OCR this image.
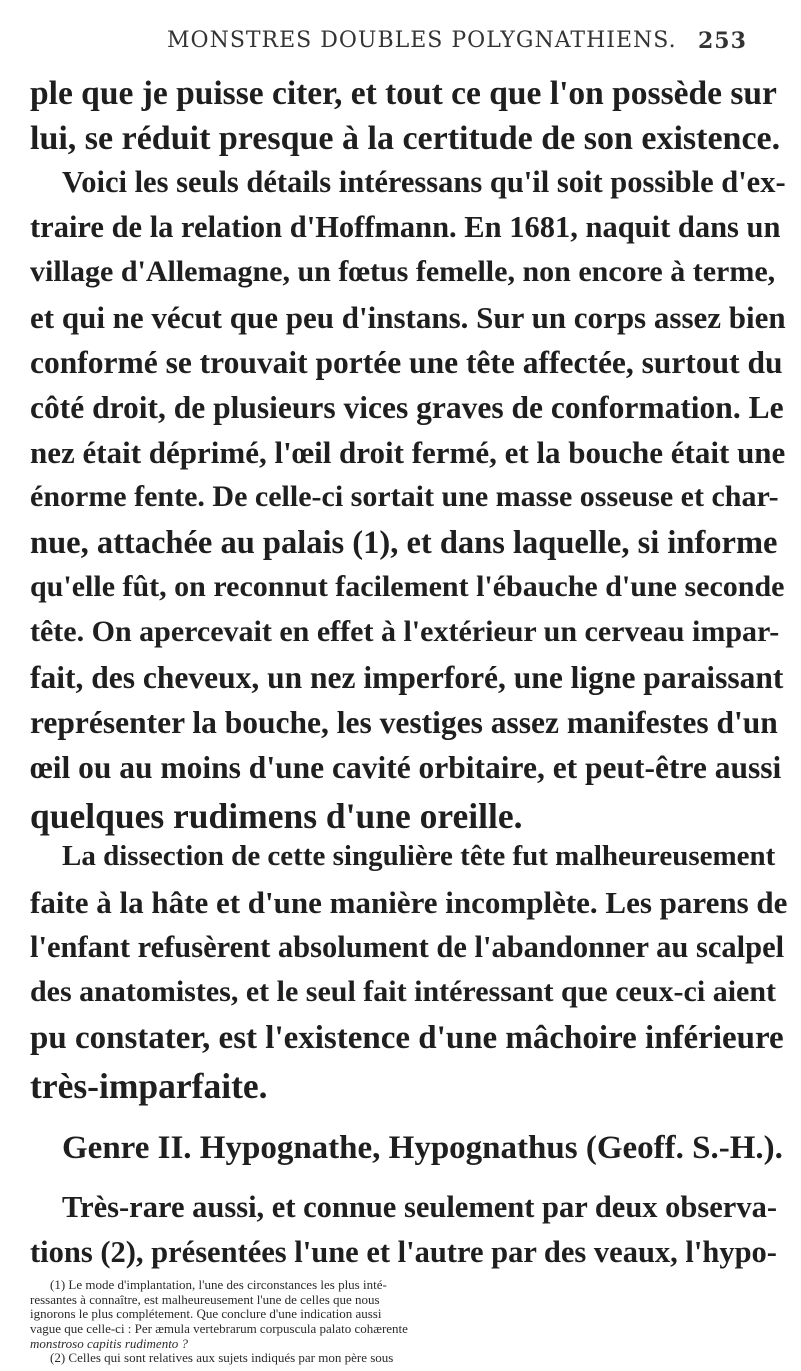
MONSTRES DOUBLES POLYGNATHIENS. 253
ple que je puisse citer, et tout ce que l'on possède sur
lui, se réduit presque à la certitude de son existence.
Voici les seuls détails intéressans qu'il soit possible d'ex-
traire de la relation d'Hoffmann. En 1681, naquit dans un
village d'Allemagne, un fœtus femelle, non encore à terme,
et qui ne vécut que peu d'instans. Sur un corps assez bien
conformé se trouvait portée une tête affectée, surtout du
côté droit, de plusieurs vices graves de conformation. Le
nez était déprimé, l'œil droit fermé, et la bouche était une
énorme fente. De celle-ci sortait une masse osseuse et char-
nue, attachée au palais (1), et dans laquelle, si informe
qu'elle fût, on reconnut facilement l'ébauche d'une seconde
tête. On apercevait en effet à l'extérieur un cerveau impar-
fait, des cheveux, un nez imperforé, une ligne paraissant
représenter la bouche, les vestiges assez manifestes d'un
œil ou au moins d'une cavité orbitaire, et peut-être aussi
quelques rudimens d'une oreille.
La dissection de cette singulière tête fut malheureusement
faite à la hâte et d'une manière incomplète. Les parens de
l'enfant refusèrent absolument de l'abandonner au scalpel
des anatomistes, et le seul fait intéressant que ceux-ci aient
pu constater, est l'existence d'une mâchoire inférieure
très-imparfaite.
Genre II. Hypognathe, Hypognathus (Geoff. S.-H.).
Très-rare aussi, et connue seulement par deux observa-
tions (2), présentées l'une et l'autre par des veaux, l'hypo-
(1) Le mode d'implantation, l'une des circonstances les plus inté-
ressantes à connaître, est malheureusement l'une de celles que nous
ignorons le plus complétement. Que conclure d'une indication aussi
vague que celle-ci : Per æmula vertebrarum corpuscula palato cohærente
monstroso capitis rudimento ?
(2) Celles qui sont relatives aux sujets indiqués par mon père sous
